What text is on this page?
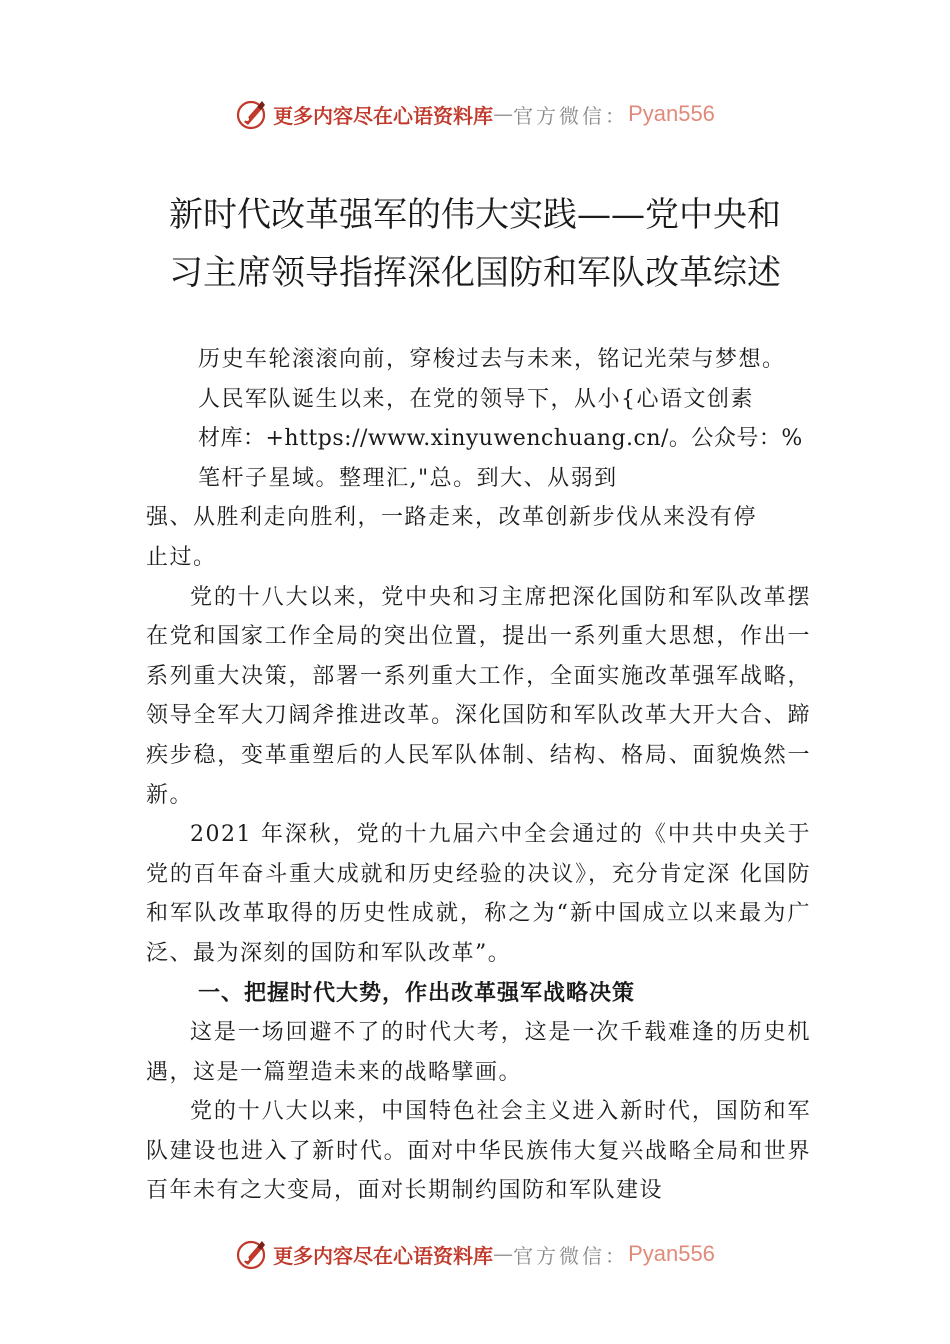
更多内容尽在心语资料库 — 官方微信： Pyan556
新时代改革强军的伟大实践——党中央和
习主席领导指挥深化国防和军队改革综述
历史车轮滚滚向前，穿梭过去与未来，铭记光荣与梦想。
人民军队诞生以来，在党的领导下，从小{心语文创素
材库：+https://www.xinyuwenchuang.cn/。公众号：%
笔杆子星域。整理汇,"总。到大、从弱到
强、从胜利走向胜利，一路走来，改革创新步伐从来没有停
止过。

党的十八大以来，党中央和习主席把深化国防和军队改革摆在党和国家工作全局的突出位置，提出一系列重大思想，作出一系列重大决策，部署一系列重大工作，全面实施改革强军战略，领导全军大刀阔斧推进改革。深化国防和军队改革大开大合、蹄疾步稳，变革重塑后的人民军队体制、结构、格局、面貌焕然一新。

2021 年深秋，党的十九届六中全会通过的《中共中央关于党的百年奋斗重大成就和历史经验的决议》，充分肯定深 化国防和军队改革取得的历史性成就，称之为“新中国成立以来最为广泛、最为深刻的国防和军队改革”。

一、把握时代大势，作出改革强军战略决策

这是一场回避不了的时代大考，这是一次千载难逢的历史机遇，这是一篇塑造未来的战略擘画。

党的十八大以来，中国特色社会主义进入新时代，国防和军队建设也进入了新时代。面对中华民族伟大复兴战略全局和世界百年未有之大变局，面对长期制约国防和军队建设

更多内容尽在心语资料库 — 官方微信： Pyan556
